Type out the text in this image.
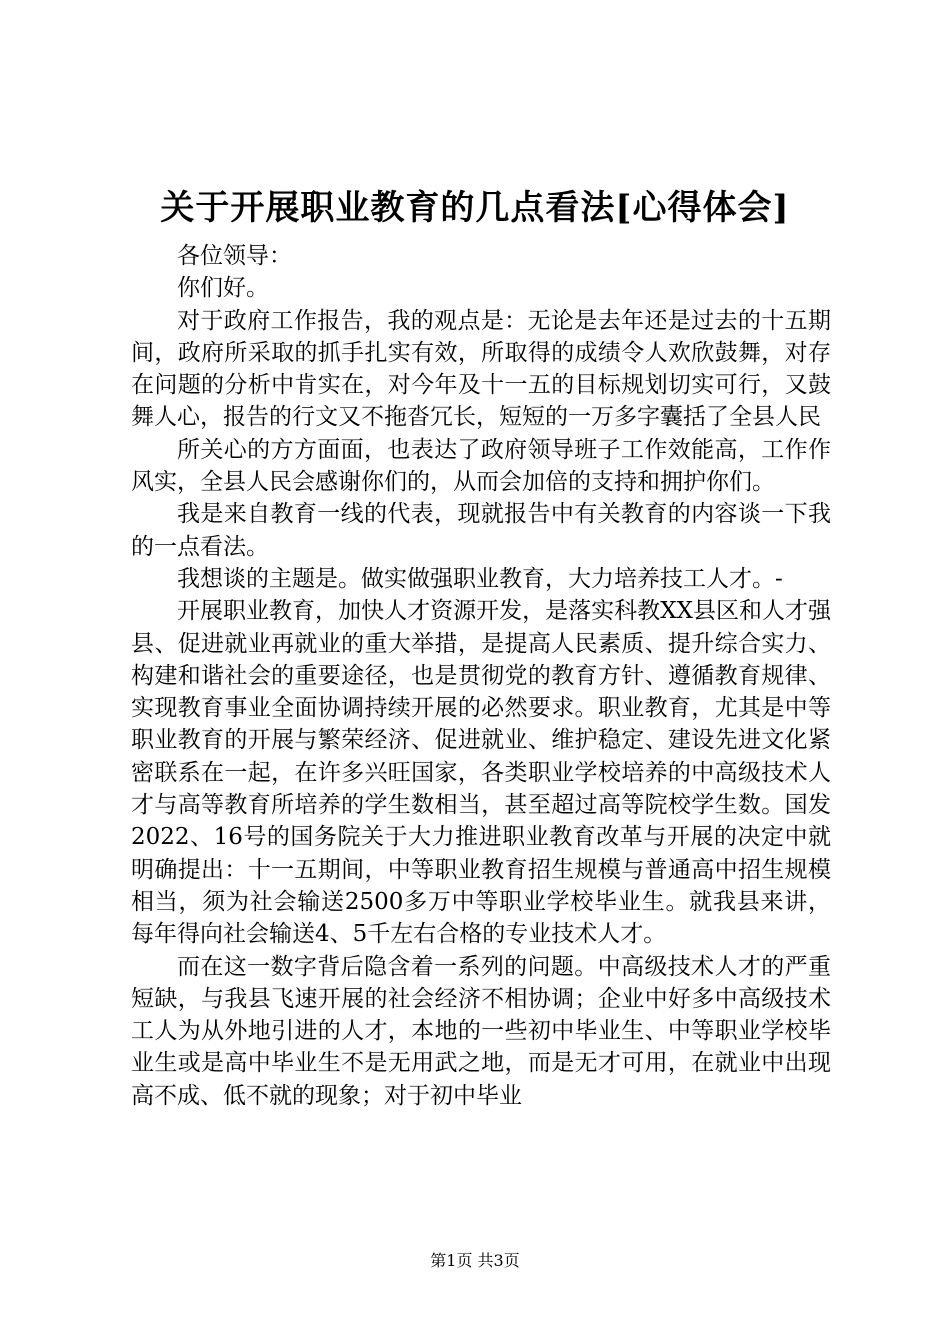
关于开展职业教育的几点看法[心得体会]

各位领导：

你们好。

对于政府工作报告，我的观点是：无论是去年还是过去的十五期间，政府所采取的抓手扎实有效，所取得的成绩令人欢欣鼓舞，对存在问题的分析中肯实在，对今年及十一五的目标规划切实可行，又鼓舞人心，报告的行文又不拖沓冗长，短短的一万多字囊括了全县人民

所关心的方方面面，也表达了政府领导班子工作效能高，工作作风实，全县人民会感谢你们的，从而会加倍的支持和拥护你们。

我是来自教育一线的代表，现就报告中有关教育的内容谈一下我的一点看法。

我想谈的主题是。做实做强职业教育，大力培养技工人才。-

开展职业教育，加快人才资源开发，是落实科教XX县区和人才强县、促进就业再就业的重大举措，是提高人民素质、提升综合实力、构建和谐社会的重要途径，也是贯彻党的教育方针、遵循教育规律、实现教育事业全面协调持续开展的必然要求。职业教育，尤其是中等职业教育的开展与繁荣经济、促进就业、维护稳定、建设先进文化紧密联系在一起，在许多兴旺国家，各类职业学校培养的中高级技术人才与高等教育所培养的学生数相当，甚至超过高等院校学生数。国发2022、16号的国务院关于大力推进职业教育改革与开展的决定中就明确提出：十一五期间，中等职业教育招生规模与普通高中招生规模相当，须为社会输送2500多万中等职业学校毕业生。就我县来讲，每年得向社会输送4、5千左右合格的专业技术人才。

而在这一数字背后隐含着一系列的问题。中高级技术人才的严重短缺，与我县飞速开展的社会经济不相协调；企业中好多中高级技术工人为从外地引进的人才，本地的一些初中毕业生、中等职业学校毕业生或是高中毕业生不是无用武之地，而是无才可用，在就业中出现高不成、低不就的现象；对于初中毕业

第1页 共3页
